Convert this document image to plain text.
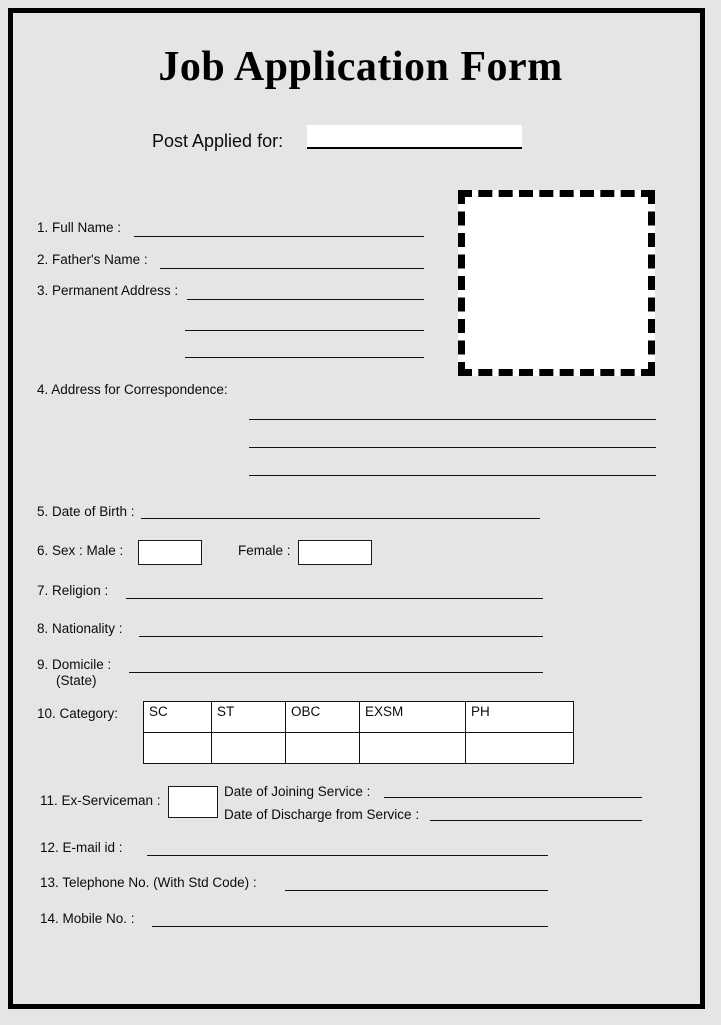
Job Application Form
Post Applied for:
1. Full Name :
2. Father's Name :
3. Permanent Address :
4. Address for Correspondence:
5. Date of Birth :
6. Sex : Male :	Female :
7. Religion :
8. Nationality :
9. Domicile :
(State)
10. Category: SC	ST	OBC	EXSM	PH

11. Ex-Serviceman :
Date of Joining Service :
Date of Discharge from Service :
12. E-mail id :
13. Telephone No. (With Std Code) :
14. Mobile No. :
